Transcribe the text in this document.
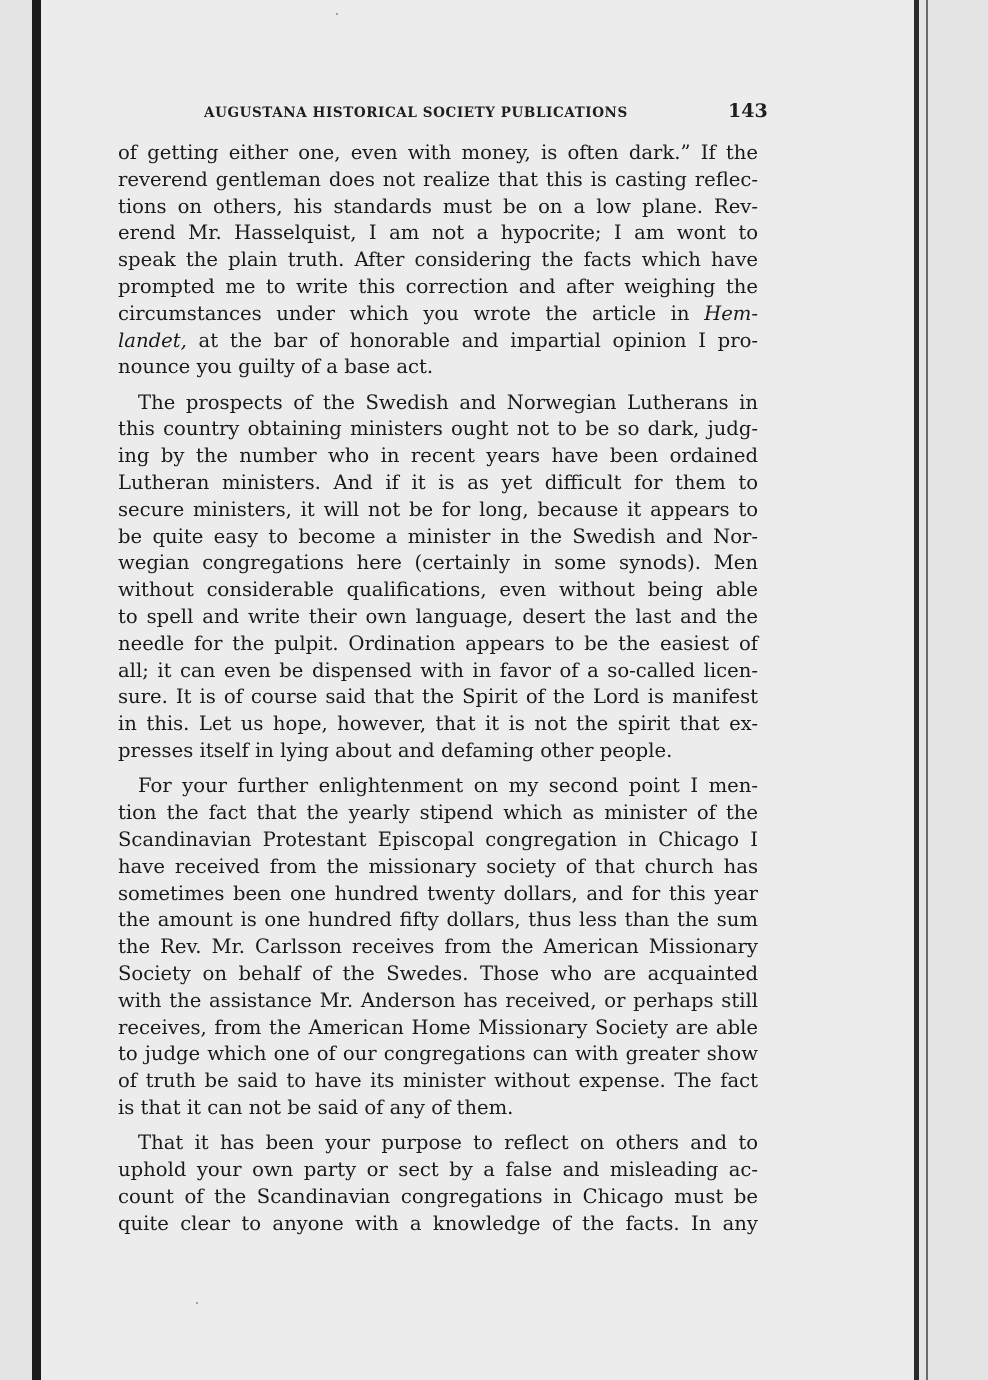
AUGUSTANA HISTORICAL SOCIETY PUBLICATIONS	143
of getting either one, even with money, is often dark.” If the
reverend gentleman does not realize that this is casting reflec-
tions on others, his standards must be on a low plane. Rev-
erend Mr. Hasselquist, I am not a hypocrite; I am wont to
speak the plain truth. After considering the facts which have
prompted me to write this correction and after weighing the
circumstances under which you wrote the article in Hem-
landet, at the bar of honorable and impartial opinion I pro-
nounce you guilty of a base act.
The prospects of the Swedish and Norwegian Lutherans in
this country obtaining ministers ought not to be so dark, judg-
ing by the number who in recent years have been ordained
Lutheran ministers. And if it is as yet difficult for them to
secure ministers, it will not be for long, because it appears to
be quite easy to become a minister in the Swedish and Nor-
wegian congregations here (certainly in some synods). Men
without considerable qualifications, even without being able
to spell and write their own language, desert the last and the
needle for the pulpit. Ordination appears to be the easiest of
all; it can even be dispensed with in favor of a so-called licen-
sure. It is of course said that the Spirit of the Lord is manifest
in this. Let us hope, however, that it is not the spirit that ex-
presses itself in lying about and defaming other people.
For your further enlightenment on my second point I men-
tion the fact that the yearly stipend which as minister of the
Scandinavian Protestant Episcopal congregation in Chicago I
have received from the missionary society of that church has
sometimes been one hundred twenty dollars, and for this year
the amount is one hundred fifty dollars, thus less than the sum
the Rev. Mr. Carlsson receives from the American Missionary
Society on behalf of the Swedes. Those who are acquainted
with the assistance Mr. Anderson has received, or perhaps still
receives, from the American Home Missionary Society are able
to judge which one of our congregations can with greater show
of truth be said to have its minister without expense. The fact
is that it can not be said of any of them.
That it has been your purpose to reflect on others and to
uphold your own party or sect by a false and misleading ac-
count of the Scandinavian congregations in Chicago must be
quite clear to anyone with a knowledge of the facts. In any
